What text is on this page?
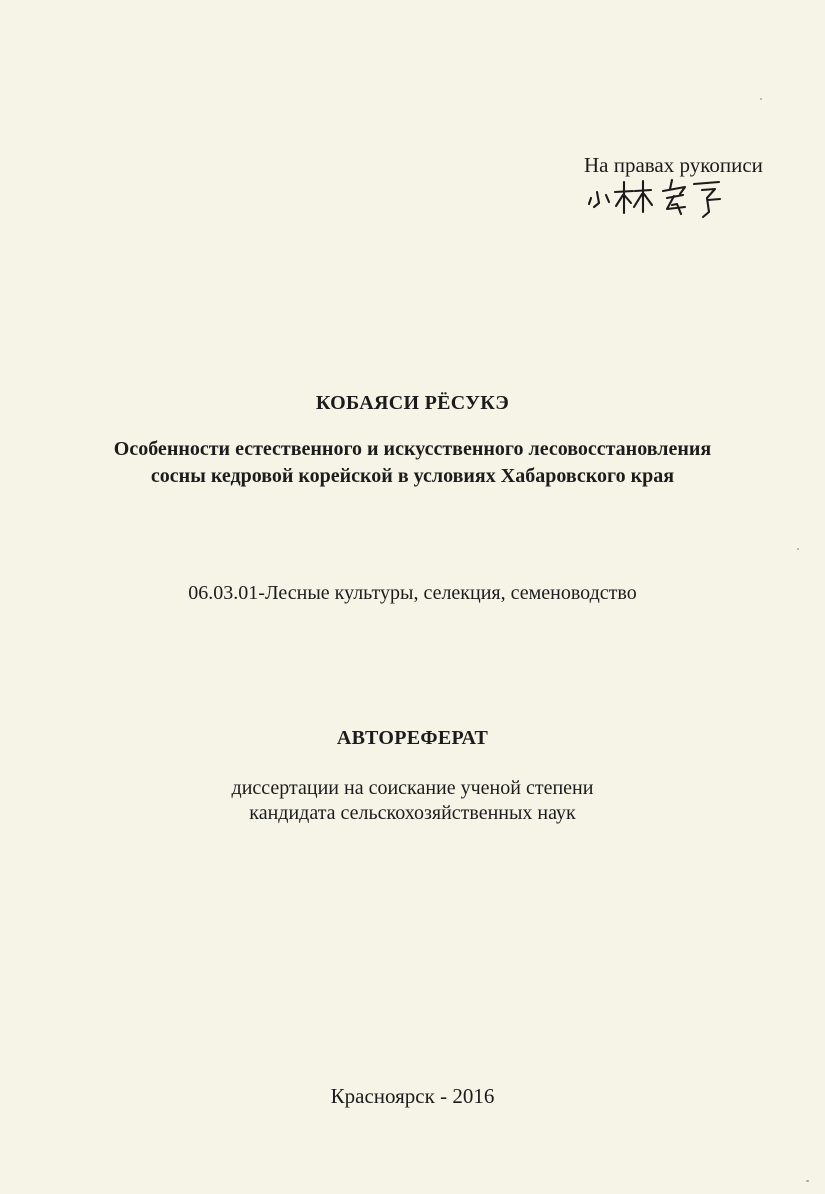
На правах рукописи
КОБАЯСИ РЁСУКЭ
Особенности естественного и искусственного лесовосстановления
сосны кедровой корейской в условиях Хабаровского края
06.03.01-Лесные культуры, селекция, семеноводство
АВТОРЕФЕРАТ
диссертации на соискание ученой степени
кандидата сельскохозяйственных наук
Красноярск - 2016
